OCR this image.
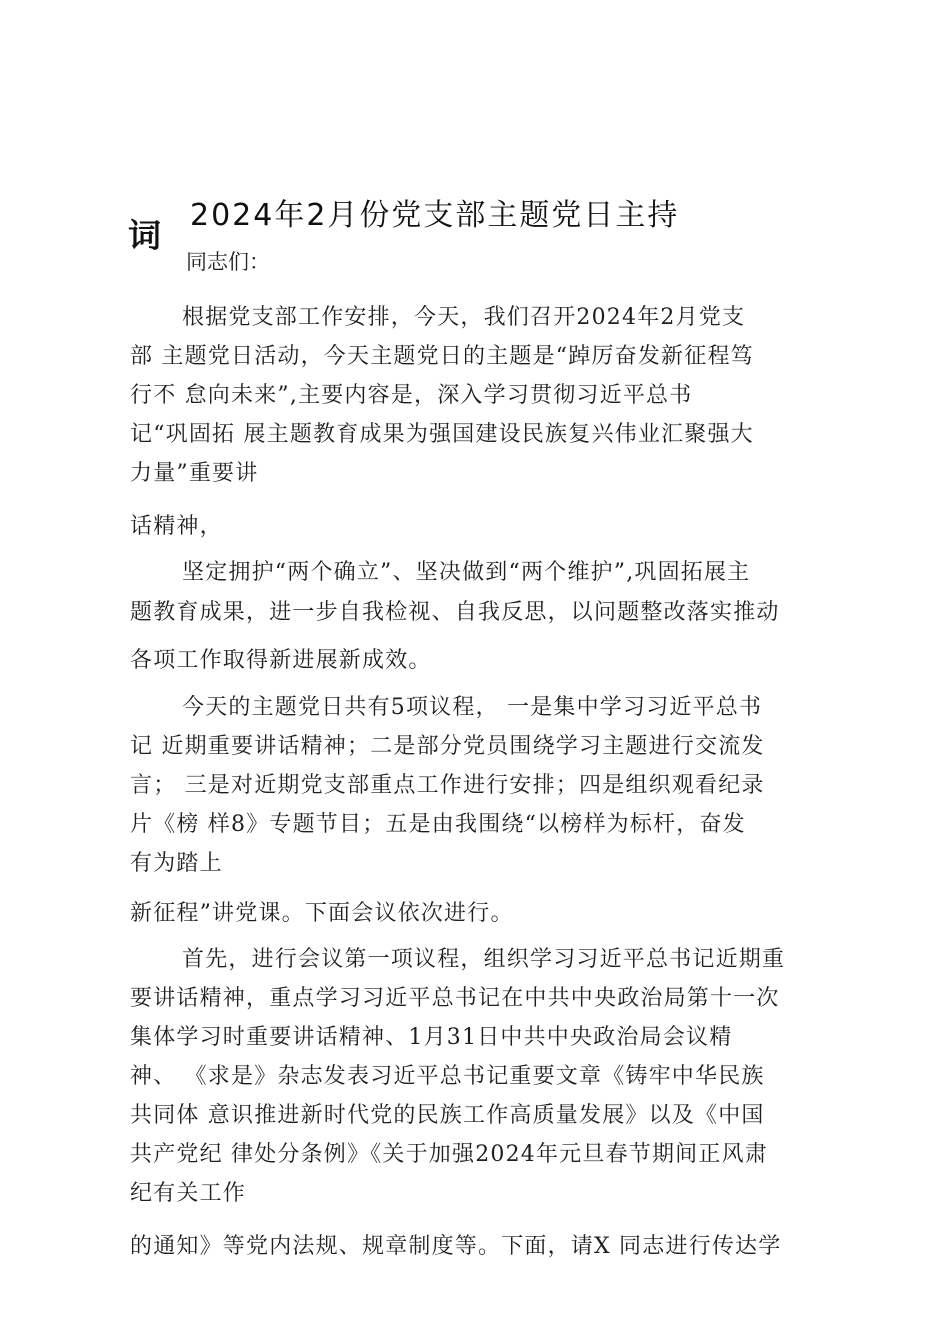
2024年2月份党支部主题党日主持
词
同志们：
根据党支部工作安排，今天，我们召开2024年2月党支
部 主题党日活动，今天主题党日的主题是“踔厉奋发新征程笃
行不 怠向未来”,主要内容是，深入学习贯彻习近平总书
记“巩固拓 展主题教育成果为强国建设民族复兴伟业汇聚强大
力量”重要讲
话精神，
坚定拥护“两个确立”、坚决做到“两个维护”,巩固拓展主
题教育成果，进一步自我检视、自我反思，以问题整改落实推动
各项工作取得新进展新成效。
今天的主题党日共有5项议程， 一是集中学习习近平总书
记 近期重要讲话精神；二是部分党员围绕学习主题进行交流发
言； 三是对近期党支部重点工作进行安排；四是组织观看纪录
片《榜 样8》专题节目；五是由我围绕“以榜样为标杆，奋发
有为踏上
新征程”讲党课。下面会议依次进行。
首先，进行会议第一项议程，组织学习习近平总书记近期重
要讲话精神，重点学习习近平总书记在中共中央政治局第十一次
集体学习时重要讲话精神、1月31日中共中央政治局会议精
神、 《求是》杂志发表习近平总书记重要文章《铸牢中华民族
共同体 意识推进新时代党的民族工作高质量发展》以及《中国
共产党纪 律处分条例》《关于加强2024年元旦春节期间正风肃
纪有关工作
的通知》等党内法规、规章制度等。下面，请X 同志进行传达学
